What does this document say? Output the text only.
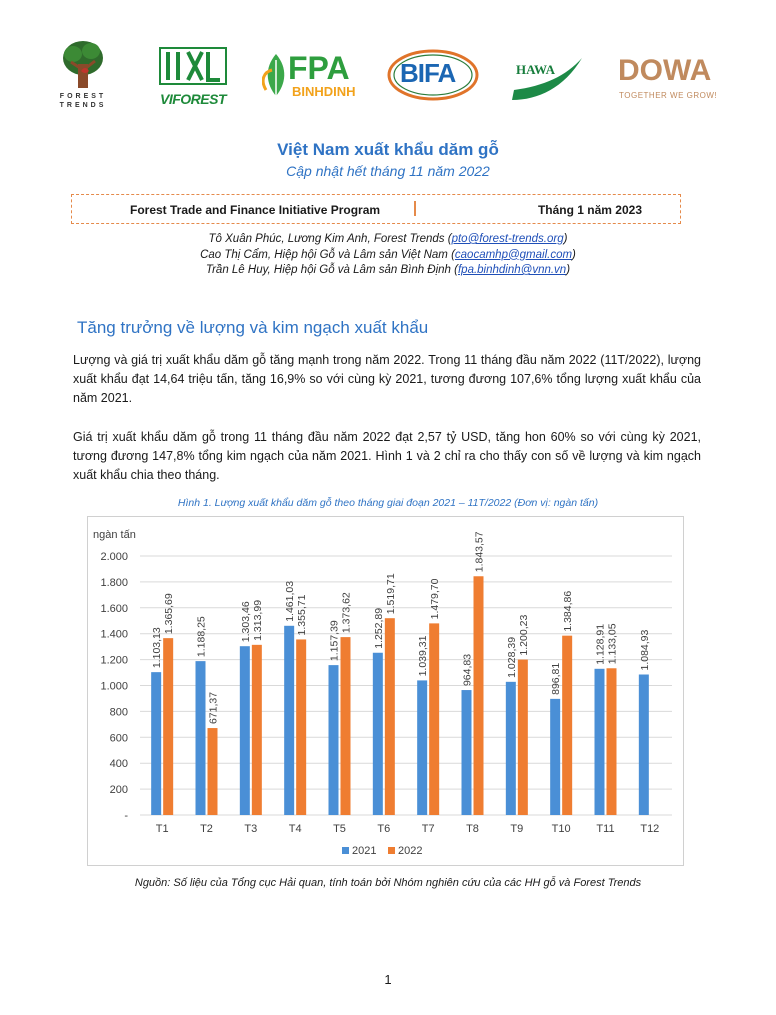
FOREST TRENDS	VIFOREST
FPA
BINHDINH
BIFA	HAWA DOWA
TOGETHER WE GROW!
Việt Nam xuất khẩu dăm gỗ
Cập nhật hết tháng 11 năm 2022
Forest Trade and Finance Initiative Program	Tháng 1 năm 2023
Tô Xuân Phúc, Lương Kim Anh, Forest Trends (pto@forest-trends.org)
Cao Thị Cẩm, Hiệp hội Gỗ và Lâm sản Việt Nam (caocamhp@gmail.com)
Trần Lê Huy, Hiệp hội Gỗ và Lâm sản Bình Định (fpa.binhdinh@vnn.vn)
Tăng trưởng về lượng và kim ngạch xuất khẩu
Lượng và giá trị xuất khẩu dăm gỗ tăng mạnh trong năm 2022. Trong 11 tháng đầu năm 2022 (11T/2022), lượng xuất khẩu đạt 14,64 triệu tấn, tăng 16,9% so với cùng kỳ 2021, tương đương 107,6% tổng lượng xuất khẩu của năm 2021.
Giá trị xuất khẩu dăm gỗ trong 11 tháng đầu năm 2022 đạt 2,57 tỷ USD, tăng hon 60% so với cùng kỳ 2021, tương đương 147,8% tổng kim ngạch của năm 2021. Hình 1 và 2 chỉ ra cho thấy con số về lượng và kim ngạch xuất khẩu chia theo tháng.
Hình 1. Lượng xuất khẩu dăm gỗ theo tháng giai đoạn 2021 – 11T/2022 (Đơn vị: ngàn tấn)
ngàn tấn
-
200
400
600
800
1.000
1.200
1.400
1.600
1.800
2.000
1.103,13
1.365,69
T1
1.188,25
671,37
T2
1.303,46 1.313,99
T3
1.461,03 1.355,71
T4
1.157,39
1.373,62
T5
1.252,89
1.519,71
T6
1.039,31
1.479,70
T7
964,83
1.843,57
T8
1.028,39
1.200,23
T9
896,81
1.384,86
T10
1.128,91 1.133,05
T11
1.084,93
T12
2021 2022
Nguồn: Số liệu của Tổng cục Hải quan, tính toán bởi Nhóm nghiên cứu của các HH gỗ và Forest Trends
1
